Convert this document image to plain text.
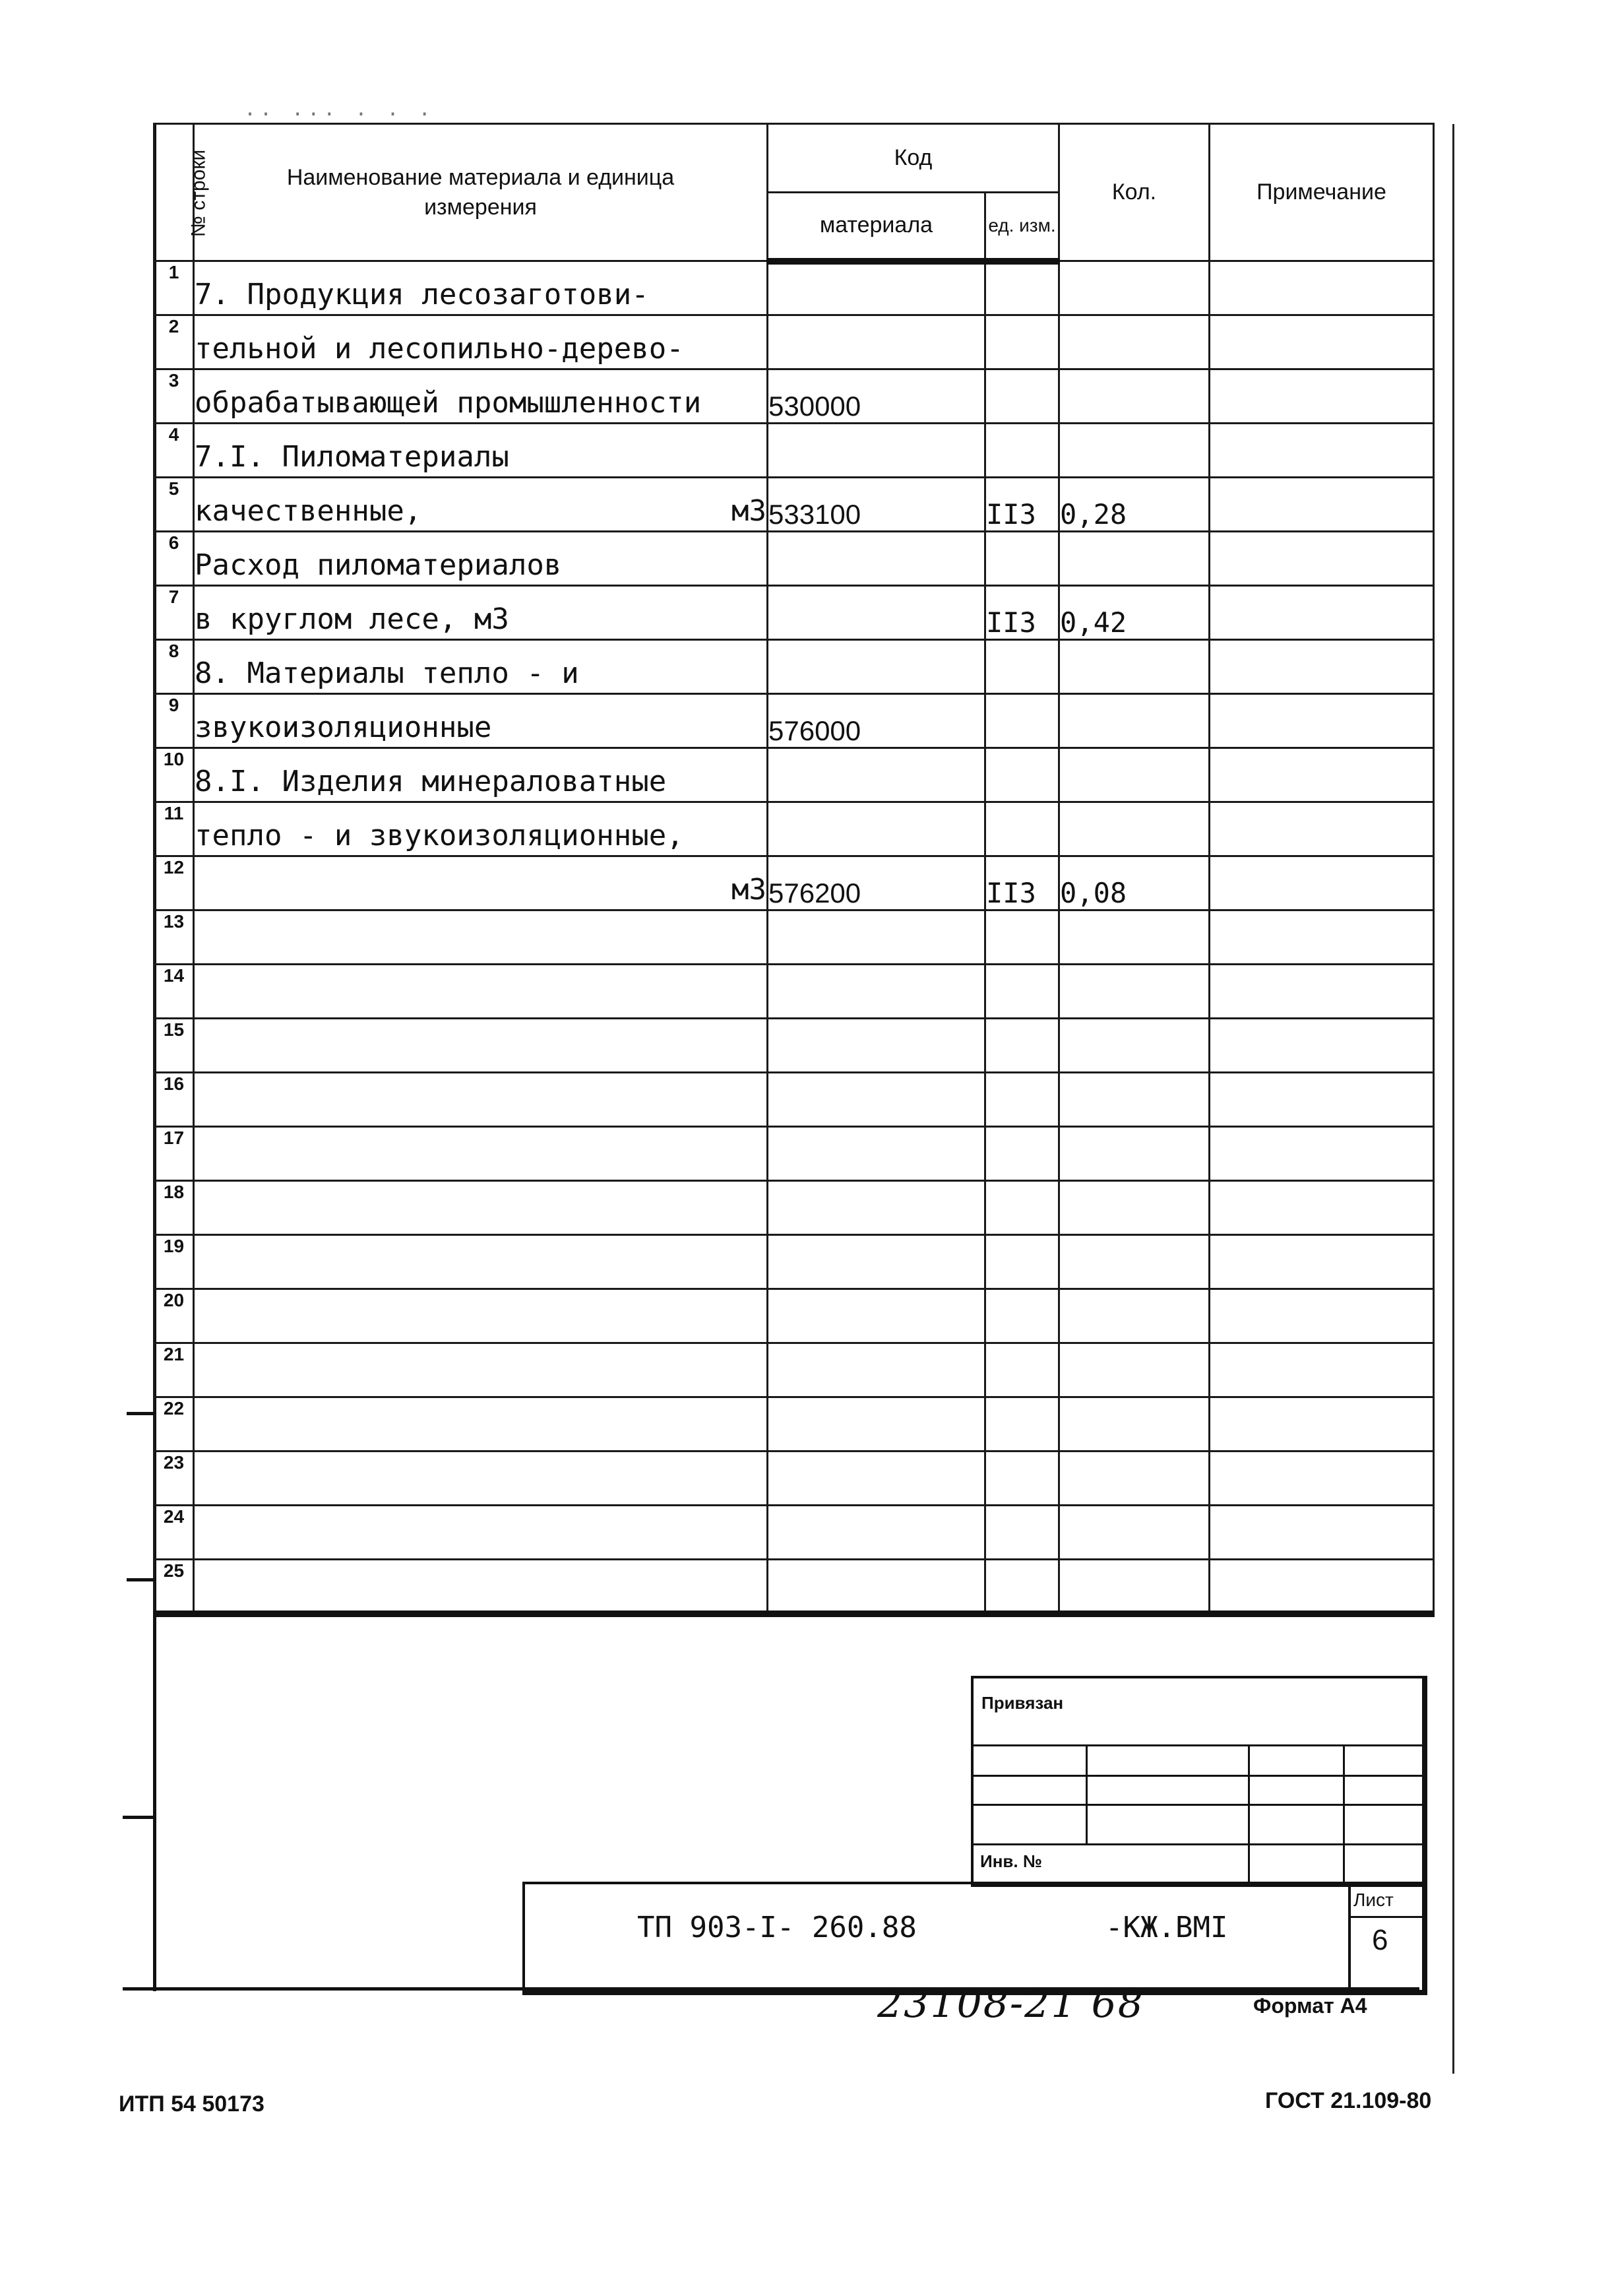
.. ... . . .
№ строки	Наименование материала и единица измерения	Код		Кол.	Примечание
		материала	ед. изм.		
1	7. Продукция лесозаготови-				

2	тельной и лесопильно-дерево-				

3	обрабатывающей промышленности	530000			
4	7.I. Пиломатериалы				

5	качественные, м3	533100	II3	0,28	
6	Расход пиломатериалов				

7	в круглом лесе, м3		II3	0,42	
8	8. Материалы тепло - и				

9	звукоизоляционные	576000			
10	8.I. Изделия минераловатные				

11	тепло - и звукоизоляционные,				

12	м3	576200	II3	0,08	
13	

14	

15	

16	

17	

18	

19	

20	

21	

22	

23	

24	

25	

Привязан
Инв. №
ТП 903-I- 260.88	-КЖ.ВМI
Лист
6
23108-21 68	Формат А4
ИТП 54 50173	ГОСТ 21.109-80
